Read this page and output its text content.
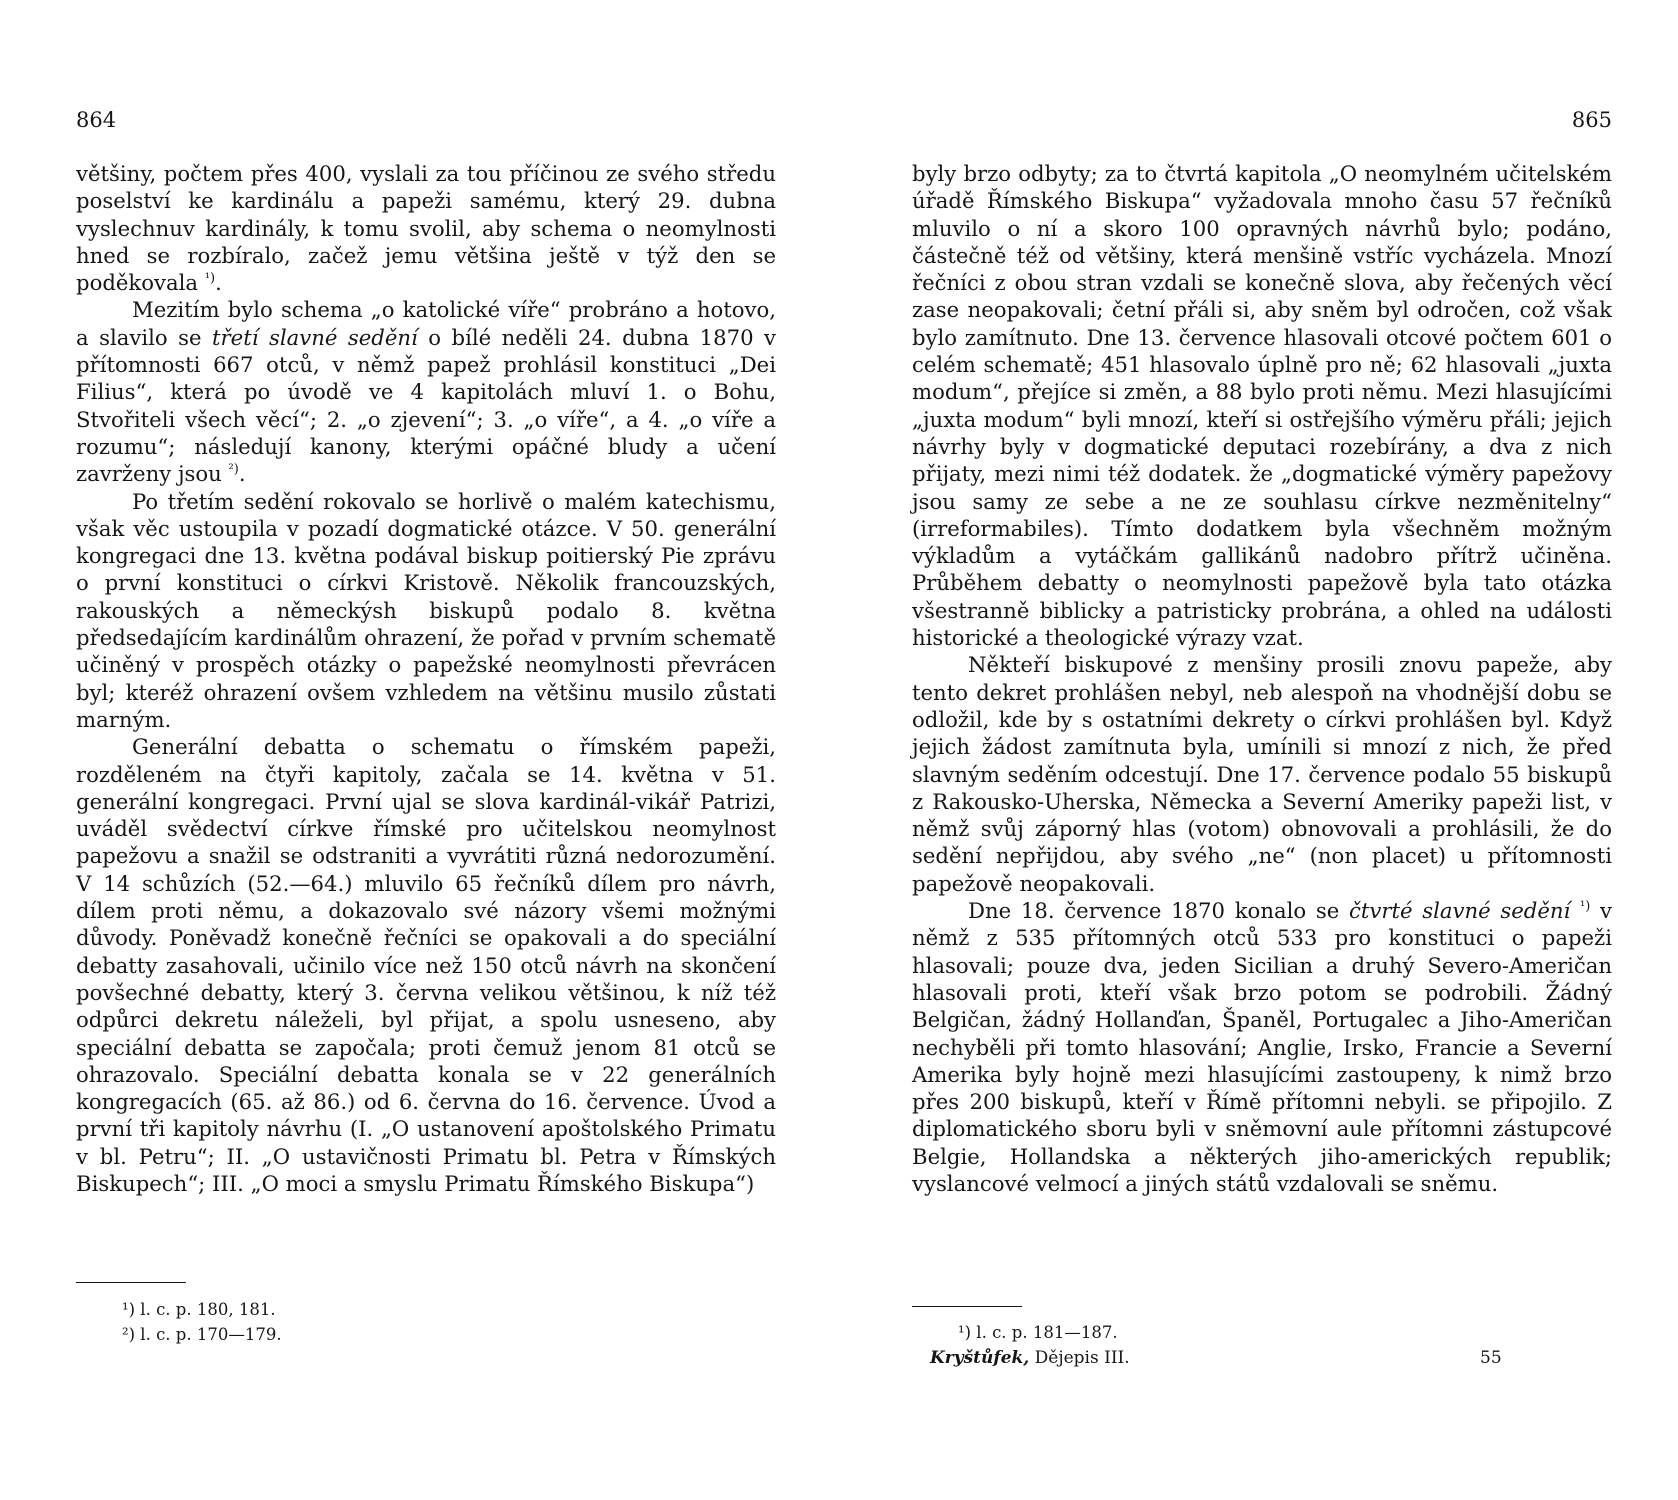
864

většiny, počtem přes 400, vyslali za tou příčinou ze svého středu poselství ke kardinálu a papeži samému, který 29. dubna vyslechnuv kardinály, k tomu svolil, aby schema o neomylnosti hned se rozbíralo, začež jemu většina ještě v týž den se poděkovala $^{^1)}$.

Mezitím bylo schema „o katolické víře“ probráno a hotovo, a slavilo se třetí slavné sedění o bílé neděli 24. dubna 1870 v přítomnosti 667 otců, v němž papež prohlásil konstituci „Dei Filius“, která po úvodě ve 4 kapitolách mluví 1. o Bohu, Stvořiteli všech věcí“; 2. „o zjevení“; 3. „o víře“, a 4. „o víře a rozumu“; následují kanony, kterými opáčné bludy a učení zavrženy jsou $^{^2)}$.

Po třetím sedění rokovalo se horlivě o malém katechismu, však věc ustoupila v pozadí dogmatické otázce. V 50. generální kongregaci dne 13. května podával biskup poitierský Pie zprávu o první konstituci o církvi Kristově. Několik francouzských, rakouských a německýsh biskupů podalo 8. května předsedajícím kardinálům ohrazení, že pořad v prvním schematě učiněný v prospěch otázky o papežské neomylnosti převrácen byl; kteréž ohrazení ovšem vzhledem na většinu musilo zůstati marným.

Generální debatta o schematu o římském papeži, rozděleném na čtyři kapitoly, začala se 14. května v 51. generální kongregaci. První ujal se slova kardinál-vikář Patrizi, uváděl svědectví církve římské pro učitelskou neomylnost papežovu a snažil se odstraniti a vyvrátiti různá nedorozumění. V 14 schůzích (52.—64.) mluvilo 65 řečníků dílem pro návrh, dílem proti němu, a dokazovalo své názory všemi možnými důvody. Poněvadž konečně řečníci se opakovali a do speciální debatty zasahovali, učinilo více než 150 otců návrh na skončení povšechné debatty, který 3. června velikou většinou, k níž též odpůrci dekretu náleželi, byl přijat, a spolu usneseno, aby speciální debatta se započala; proti čemuž jenom 81 otců se ohrazovalo. Speciální debatta konala se v 22 generálních kongregacích (65. až 86.) od 6. června do 16. července. Úvod a první tři kapitoly návrhu (I. „O ustanovení apoštolského Primatu v bl. Petru“; II. „O ustavičnosti Primatu bl. Petra v Římských Biskupech“; III. „O moci a smyslu Primatu Římského Biskupa“)

¹) l. c. p. 180, 181.
²) l. c. p. 170—179.
865

byly brzo odbyty; za to čtvrtá kapitola „O neomylném učitelském úřadě Římského Biskupa“ vyžadovala mnoho času 57 řečníků mluvilo o ní a skoro 100 opravných návrhů bylo; podáno, částečně též od většiny, která menšině vstříc vycházela. Mnozí řečníci z obou stran vzdali se konečně slova, aby řečených věcí zase neopakovali; četní přáli si, aby sněm byl odročen, což však bylo zamítnuto. Dne 13. července hlasovali otcové počtem 601 o celém schematě; 451 hlasovalo úplně pro ně; 62 hlasovali „juxta modum“, přejíce si změn, a 88 bylo proti němu. Mezi hlasujícími „juxta modum“ byli mnozí, kteří si ostřejšího výměru přáli; jejich návrhy byly v dogmatické deputaci rozebírány, a dva z nich přijaty, mezi nimi též dodatek. že „dogmatické výměry papežovy jsou samy ze sebe a ne ze souhlasu církve nezměnitelny“ (irreformabiles). Tímto dodatkem byla všechněm možným výkladům a vytáčkám gallikánů nadobro přítrž učiněna. Průběhem debatty o neomylnosti papežově byla tato otázka všestranně biblicky a patristicky probrána, a ohled na události historické a theologické výrazy vzat.

Někteří biskupové z menšiny prosili znovu papeže, aby tento dekret prohlášen nebyl, neb alespoň na vhodnější dobu se odložil, kde by s ostatními dekrety o církvi prohlášen byl. Když jejich žádost zamítnuta byla, umínili si mnozí z nich, že před slavným seděním odcestují. Dne 17. července podalo 55 biskupů z Rakousko-Uherska, Německa a Severní Ameriky papeži list, v němž svůj záporný hlas (votom) obnovovali a prohlásili, že do sedění nepřijdou, aby svého „ne“ (non placet) u přítomnosti papežově neopakovali.

Dne 18. července 1870 konalo se čtvrté slavné sedění $^{^1)}$ v němž z 535 přítomných otců 533 pro konstituci o papeži hlasovali; pouze dva, jeden Sicilian a druhý Severo-Američan hlasovali proti, kteří však brzo potom se podrobili. Žádný Belgičan, žádný Hollanďan, Španěl, Portugalec a Jiho-Američan nechyběli při tomto hlasování; Anglie, Irsko, Francie a Severní Amerika byly hojně mezi hlasujícími zastoupeny, k nimž brzo přes 200 biskupů, kteří v Římě přítomni nebyli. se připojilo. Z diplomatického sboru byli v sněmovní aule přítomni zástupcové Belgie, Hollandska a některých jiho-amerických republik; vyslancové velmocí a jiných států vzdalovali se sněmu.

¹) l. c. p. 181—187.
Kryštůfek, Dějepis III.	55
